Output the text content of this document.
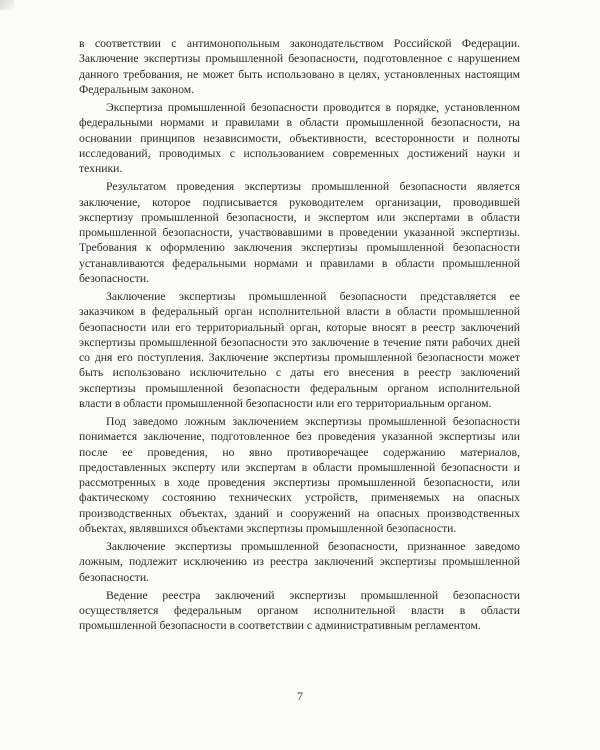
в соответствии с антимонопольным законодательством Российской Федерации. Заключение экспертизы промышленной безопасности, подготовленное с нарушением данного требования, не может быть использовано в целях, установленных настоящим Федеральным законом.

Экспертиза промышленной безопасности проводится в порядке, установленном федеральными нормами и правилами в области промышленной безопасности, на основании принципов независимости, объективности, всесторонности и полноты исследований, проводимых с использованием современных достижений науки и техники.

Результатом проведения экспертизы промышленной безопасности является заключение, которое подписывается руководителем организации, проводившей экспертизу промышленной безопасности, и экспертом или экспертами в области промышленной безопасности, участвовавшими в проведении указанной экспертизы. Требования к оформлению заключения экспертизы промышленной безопасности устанавливаются федеральными нормами и правилами в области промышленной безопасности.

Заключение экспертизы промышленной безопасности представляется ее заказчиком в федеральный орган исполнительной власти в области промышленной безопасности или его территориальный орган, которые вносят в реестр заключений экспертизы промышленной безопасности это заключение в течение пяти рабочих дней со дня его поступления. Заключение экспертизы промышленной безопасности может быть использовано исключительно с даты его внесения в реестр заключений экспертизы промышленной безопасности федеральным органом исполнительной власти в области промышленной безопасности или его территориальным органом.

Под заведомо ложным заключением экспертизы промышленной безопасности понимается заключение, подготовленное без проведения указанной экспертизы или после ее проведения, но явно противоречащее содержанию материалов, предоставленных эксперту или экспертам в области промышленной безопасности и рассмотренных в ходе проведения экспертизы промышленной безопасности, или фактическому состоянию технических устройств, применяемых на опасных производственных объектах, зданий и сооружений на опасных производственных объектах, являвшихся объектами экспертизы промышленной безопасности.

Заключение экспертизы промышленной безопасности, признанное заведомо ложным, подлежит исключению из реестра заключений экспертизы промышленной безопасности.

Ведение реестра заключений экспертизы промышленной безопасности осуществляется федеральным органом исполнительной власти в области промышленной безопасности в соответствии с административным регламентом.

7
